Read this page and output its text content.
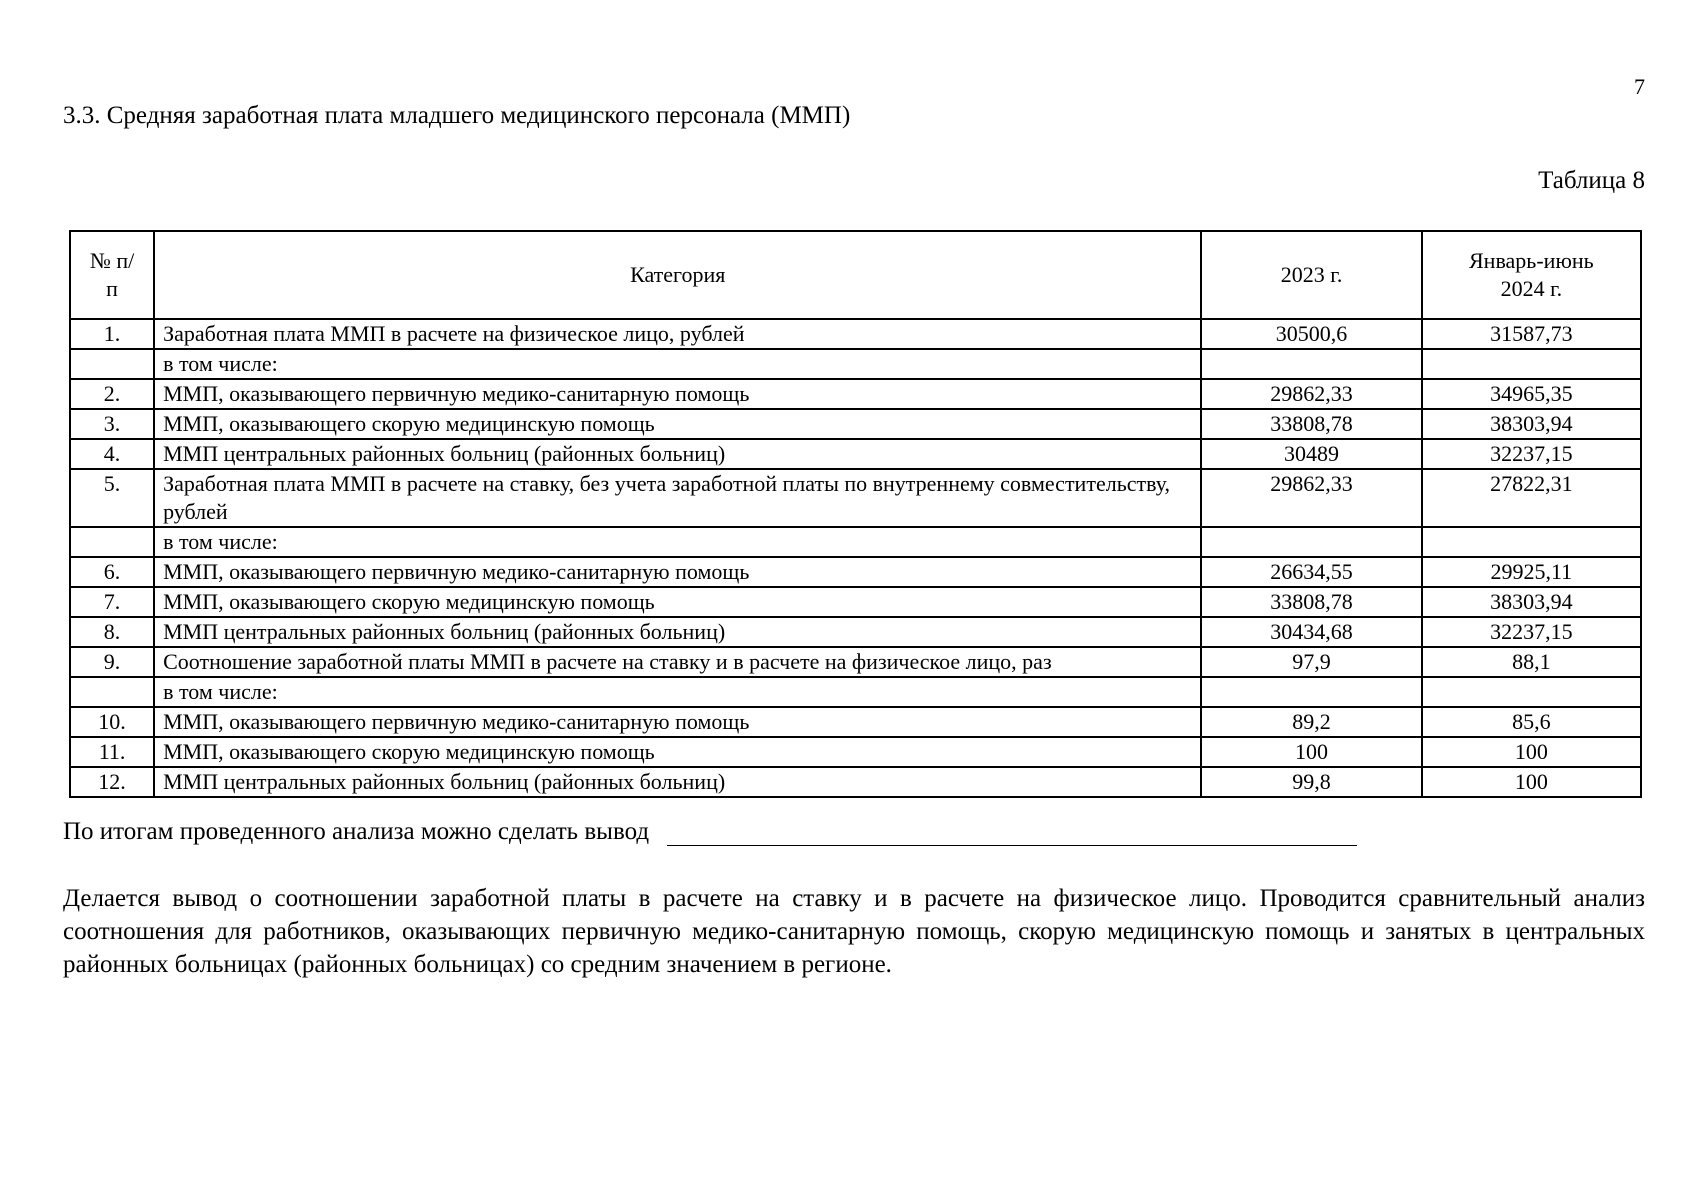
7
3.3. Средняя заработная плата младшего медицинского персонала (ММП)
Таблица 8
№ п/п	Категория	2023 г.	Январь-июнь 2024 г.
1.	Заработная плата ММП в расчете на физическое лицо, рублей	30500,6	31587,73
	в том числе:		
2.	ММП, оказывающего первичную медико-санитарную помощь	29862,33	34965,35
3.	ММП, оказывающего скорую медицинскую помощь	33808,78	38303,94
4.	ММП центральных районных больниц (районных больниц)	30489	32237,15
5.	Заработная плата ММП в расчете на ставку, без учета заработной платы по внутреннему совместительству, рублей	29862,33	27822,31
	в том числе:		
6.	ММП, оказывающего первичную медико-санитарную помощь	26634,55	29925,11
7.	ММП, оказывающего скорую медицинскую помощь	33808,78	38303,94
8.	ММП центральных районных больниц (районных больниц)	30434,68	32237,15
9.	Соотношение заработной платы ММП в расчете на ставку и в расчете на физическое лицо, раз	97,9	88,1
	в том числе:		
10.	ММП, оказывающего первичную медико-санитарную помощь	89,2	85,6
11.	ММП, оказывающего скорую медицинскую помощь	100	100
12.	ММП центральных районных больниц (районных больниц)	99,8	100
По итогам проведенного анализа можно сделать вывод
Делается вывод о соотношении заработной платы в расчете на ставку и в расчете на физическое лицо. Проводится сравнительный анализ соотношения для работников, оказывающих первичную медико-санитарную помощь, скорую медицинскую помощь и занятых в центральных районных больницах (районных больницах) со средним значением в регионе.
